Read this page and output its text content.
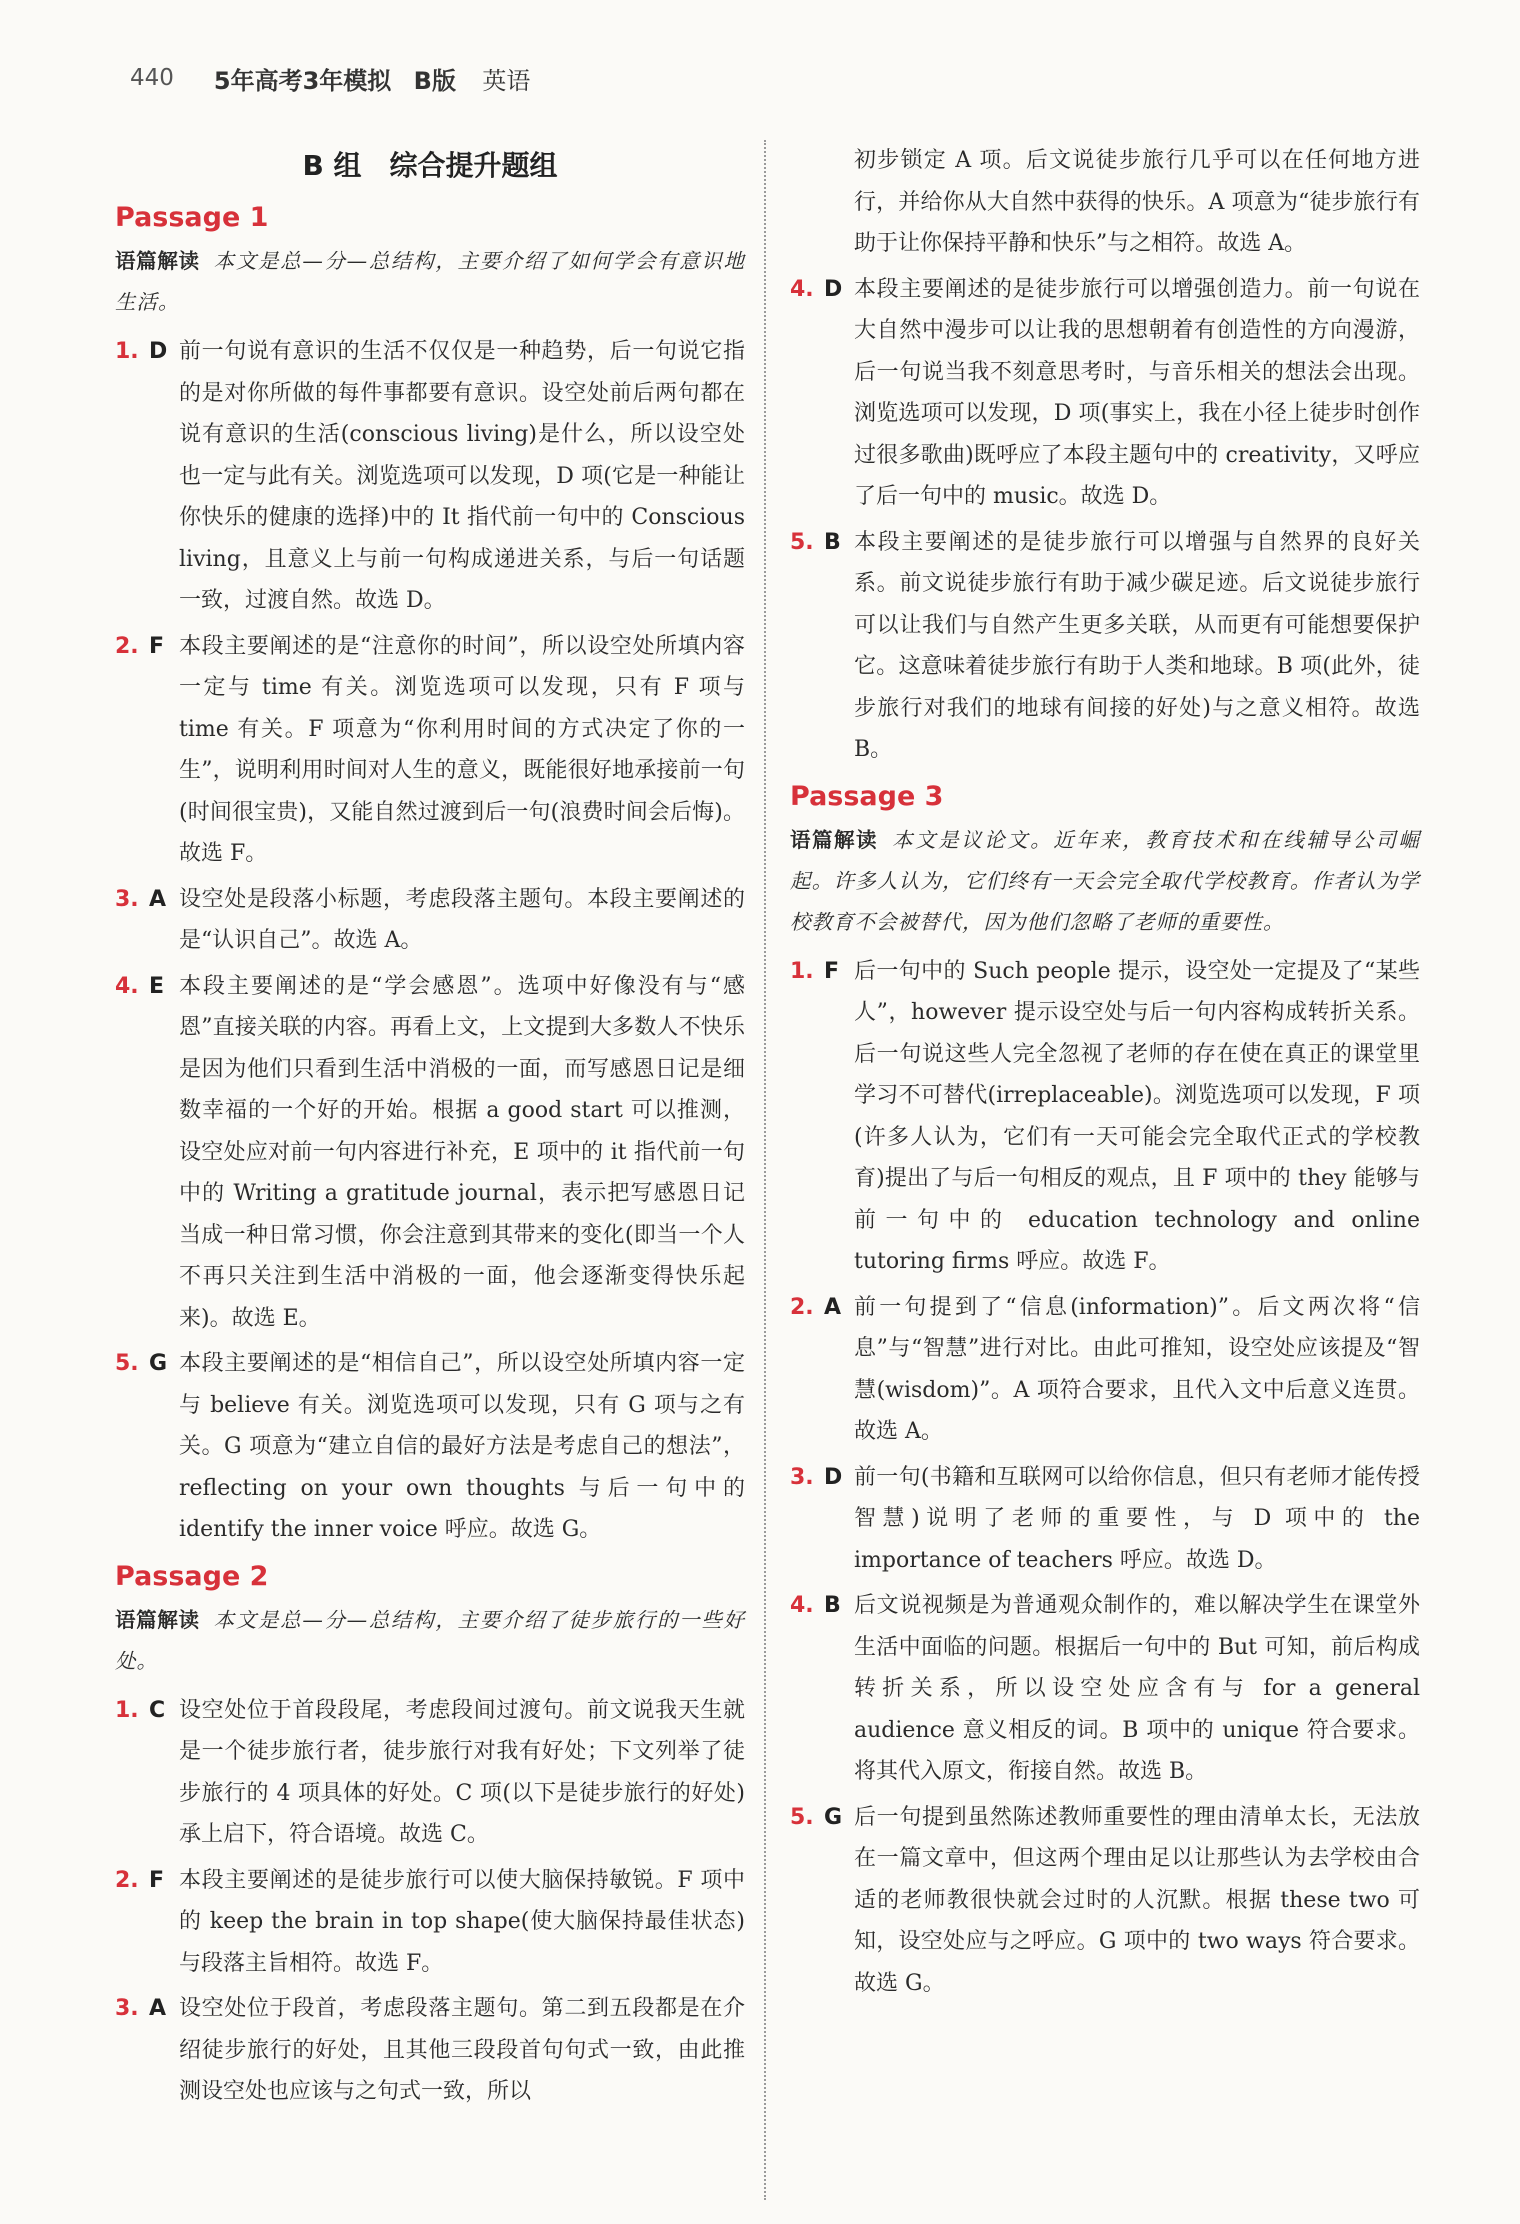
440 5年高考3年模拟 B版 英语
B 组　综合提升题组
Passage 1
语篇解读 本文是总—分—总结构，主要介绍了如何学会有意识地生活。
1. D 前一句说有意识的生活不仅仅是一种趋势，后一句说它指的是对你所做的每件事都要有意识。设空处前后两句都在说有意识的生活(conscious living)是什么，所以设空处也一定与此有关。浏览选项可以发现，D 项(它是一种能让你快乐的健康的选择)中的 It 指代前一句中的 Conscious living，且意义上与前一句构成递进关系，与后一句话题一致，过渡自然。故选 D。
2. F 本段主要阐述的是“注意你的时间”，所以设空处所填内容一定与 time 有关。浏览选项可以发现，只有 F 项与 time 有关。F 项意为“你利用时间的方式决定了你的一生”，说明利用时间对人生的意义，既能很好地承接前一句(时间很宝贵)，又能自然过渡到后一句(浪费时间会后悔)。故选 F。
3. A 设空处是段落小标题，考虑段落主题句。本段主要阐述的是“认识自己”。故选 A。
4. E 本段主要阐述的是“学会感恩”。选项中好像没有与“感恩”直接关联的内容。再看上文，上文提到大多数人不快乐是因为他们只看到生活中消极的一面，而写感恩日记是细数幸福的一个好的开始。根据 a good start 可以推测，设空处应对前一句内容进行补充，E 项中的 it 指代前一句中的 Writing a gratitude journal，表示把写感恩日记当成一种日常习惯，你会注意到其带来的变化(即当一个人不再只关注到生活中消极的一面，他会逐渐变得快乐起来)。故选 E。
5. G 本段主要阐述的是“相信自己”，所以设空处所填内容一定与 believe 有关。浏览选项可以发现，只有 G 项与之有关。G 项意为“建立自信的最好方法是考虑自己的想法”，reflecting on your own thoughts 与后一句中的 identify the inner voice 呼应。故选 G。
Passage 2
语篇解读 本文是总—分—总结构，主要介绍了徒步旅行的一些好处。
1. C 设空处位于首段段尾，考虑段间过渡句。前文说我天生就是一个徒步旅行者，徒步旅行对我有好处；下文列举了徒步旅行的 4 项具体的好处。C 项(以下是徒步旅行的好处)承上启下，符合语境。故选 C。
2. F 本段主要阐述的是徒步旅行可以使大脑保持敏锐。F 项中的 keep the brain in top shape(使大脑保持最佳状态)与段落主旨相符。故选 F。
3. A 设空处位于段首，考虑段落主题句。第二到五段都是在介绍徒步旅行的好处，且其他三段段首句句式一致，由此推测设空处也应该与之句式一致，所以
初步锁定 A 项。后文说徒步旅行几乎可以在任何地方进行，并给你从大自然中获得的快乐。A 项意为“徒步旅行有助于让你保持平静和快乐”与之相符。故选 A。
4. D 本段主要阐述的是徒步旅行可以增强创造力。前一句说在大自然中漫步可以让我的思想朝着有创造性的方向漫游，后一句说当我不刻意思考时，与音乐相关的想法会出现。浏览选项可以发现，D 项(事实上，我在小径上徒步时创作过很多歌曲)既呼应了本段主题句中的 creativity，又呼应了后一句中的 music。故选 D。
5. B 本段主要阐述的是徒步旅行可以增强与自然界的良好关系。前文说徒步旅行有助于减少碳足迹。后文说徒步旅行可以让我们与自然产生更多关联，从而更有可能想要保护它。这意味着徒步旅行有助于人类和地球。B 项(此外，徒步旅行对我们的地球有间接的好处)与之意义相符。故选 B。
Passage 3
语篇解读 本文是议论文。近年来，教育技术和在线辅导公司崛起。许多人认为，它们终有一天会完全取代学校教育。作者认为学校教育不会被替代，因为他们忽略了老师的重要性。
1. F 后一句中的 Such people 提示，设空处一定提及了“某些人”，however 提示设空处与后一句内容构成转折关系。后一句说这些人完全忽视了老师的存在使在真正的课堂里学习不可替代(irreplaceable)。浏览选项可以发现，F 项(许多人认为，它们有一天可能会完全取代正式的学校教育)提出了与后一句相反的观点，且 F 项中的 they 能够与前一句中的 education technology and online tutoring firms 呼应。故选 F。
2. A 前一句提到了“信息(information)”。后文两次将“信息”与“智慧”进行对比。由此可推知，设空处应该提及“智慧(wisdom)”。A 项符合要求，且代入文中后意义连贯。故选 A。
3. D 前一句(书籍和互联网可以给你信息，但只有老师才能传授智慧)说明了老师的重要性，与 D 项中的 the importance of teachers 呼应。故选 D。
4. B 后文说视频是为普通观众制作的，难以解决学生在课堂外生活中面临的问题。根据后一句中的 But 可知，前后构成转折关系，所以设空处应含有与 for a general audience 意义相反的词。B 项中的 unique 符合要求。将其代入原文，衔接自然。故选 B。
5. G 后一句提到虽然陈述教师重要性的理由清单太长，无法放在一篇文章中，但这两个理由足以让那些认为去学校由合适的老师教很快就会过时的人沉默。根据 these two 可知，设空处应与之呼应。G 项中的 two ways 符合要求。故选 G。
